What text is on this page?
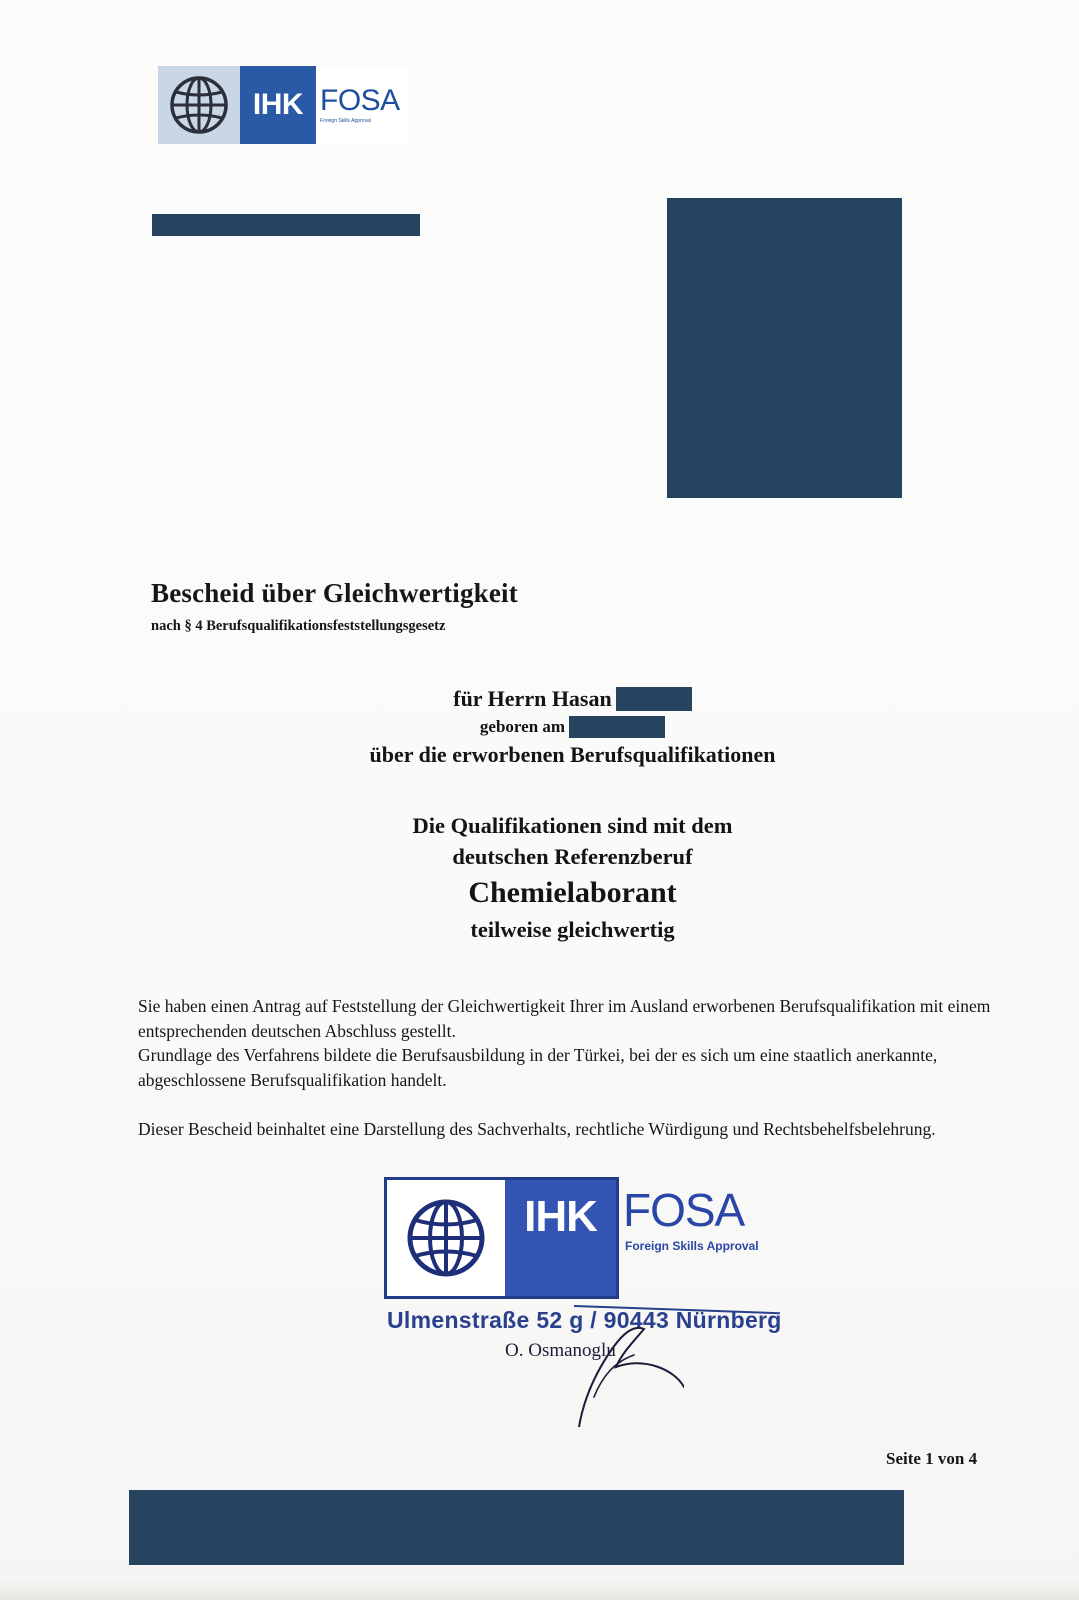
IHK FOSA
Foreign Skills Approval
Bescheid über Gleichwertigkeit
nach § 4 Berufsqualifikationsfeststellungsgesetz
für Herrn Hasan
geboren am
über die erworbenen Berufsqualifikationen
Die Qualifikationen sind mit dem
deutschen Referenzberuf
Chemielaborant
teilweise gleichwertig

Sie haben einen Antrag auf Feststellung der Gleichwertigkeit Ihrer im Ausland erworbenen Berufsqualifikation mit einem entsprechenden deutschen Abschluss gestellt.

Grundlage des Verfahrens bildete die Berufsausbildung in der Türkei, bei der es sich um eine staatlich anerkannte, abgeschlossene Berufsqualifikation handelt.

Dieser Bescheid beinhaltet eine Darstellung des Sachverhalts, rechtliche Würdigung und Rechtsbehelfsbelehrung.

IHK FOSA
Foreign Skills Approval
Ulmenstraße 52 g / 90443 Nürnberg
O. Osmanoglu
Seite 1 von 4
